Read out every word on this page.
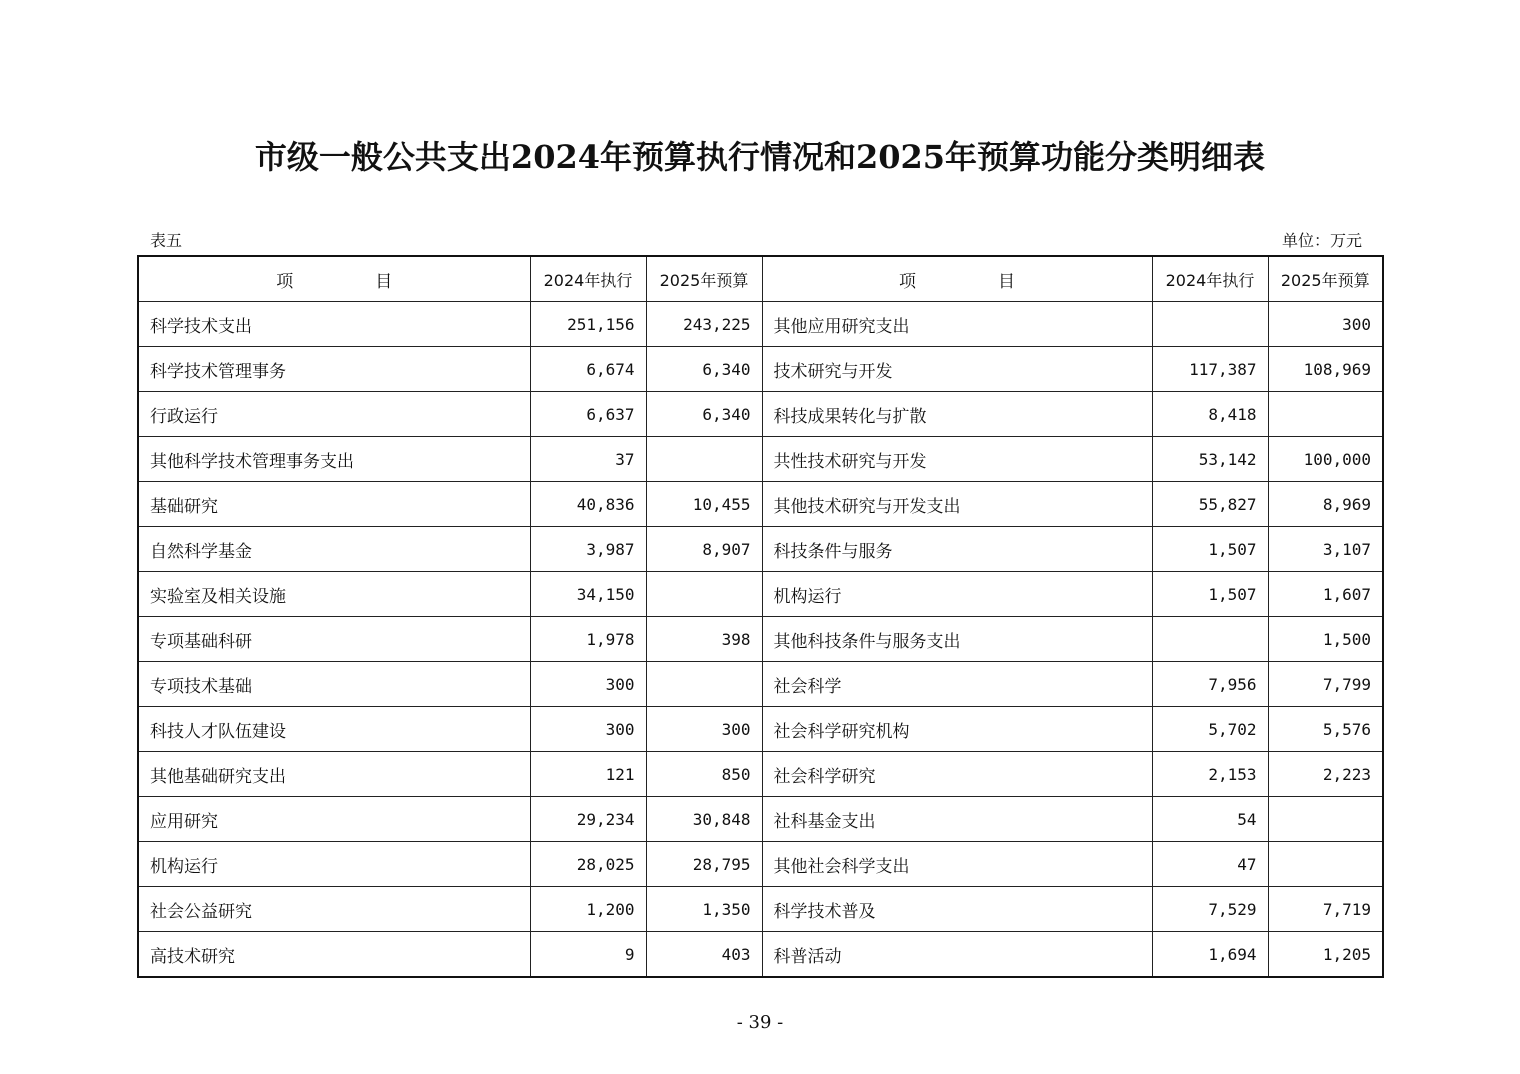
市级一般公共支出2024年预算执行情况和2025年预算功能分类明细表
表五	单位：万元
项 目	2024年执行	2025年预算	项 目	2024年执行	2025年预算
科学技术支出	251,156	243,225	其他应用研究支出		300
科学技术管理事务	6,674	6,340	技术研究与开发	117,387	108,969
行政运行	6,637	6,340	科技成果转化与扩散	8,418	
其他科学技术管理事务支出	37		共性技术研究与开发	53,142	100,000
基础研究	40,836	10,455	其他技术研究与开发支出	55,827	8,969
自然科学基金	3,987	8,907	科技条件与服务	1,507	3,107
实验室及相关设施	34,150		机构运行	1,507	1,607
专项基础科研	1,978	398	其他科技条件与服务支出		1,500
专项技术基础	300		社会科学	7,956	7,799
科技人才队伍建设	300	300	社会科学研究机构	5,702	5,576
其他基础研究支出	121	850	社会科学研究	2,153	2,223
应用研究	29,234	30,848	社科基金支出	54	
机构运行	28,025	28,795	其他社会科学支出	47	
社会公益研究	1,200	1,350	科学技术普及	7,529	7,719
高技术研究	9	403	科普活动	1,694	1,205
- 39 -
